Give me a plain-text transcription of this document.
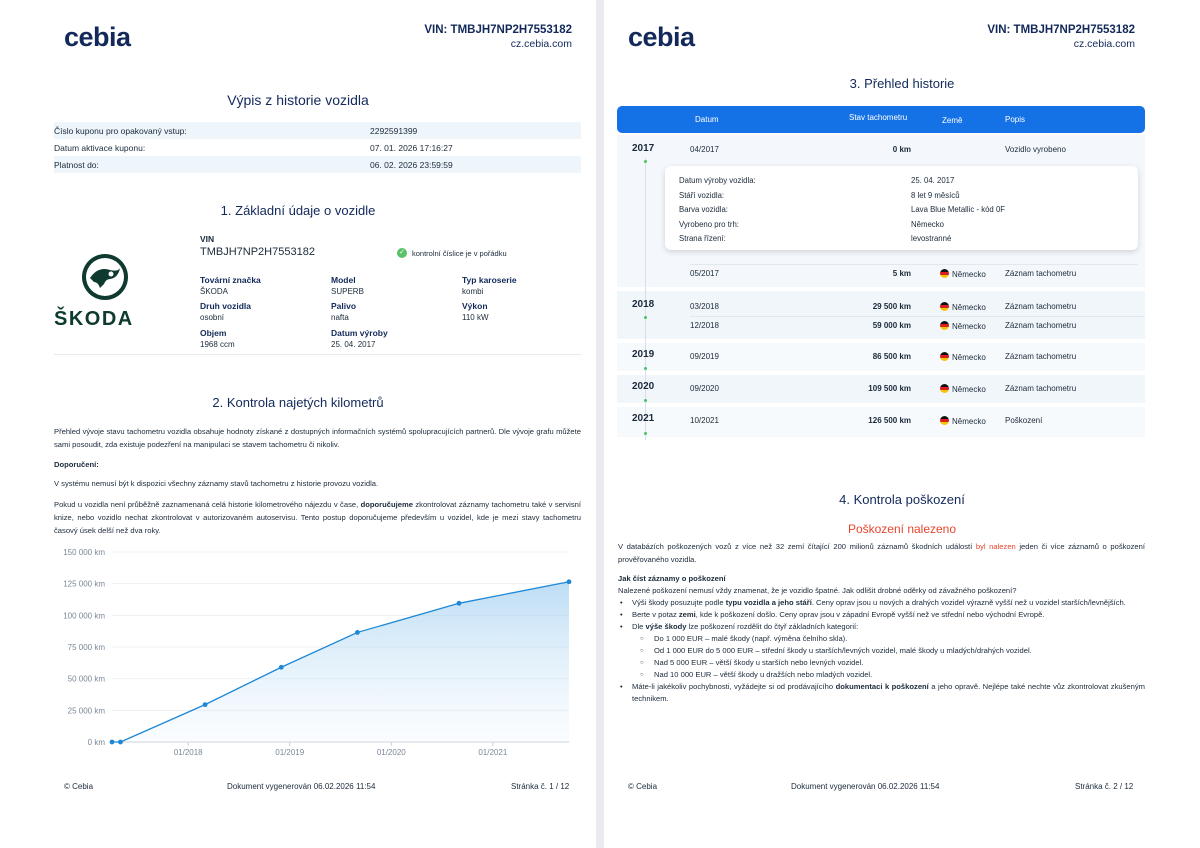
cebia	VIN: TMBJH7NP2H7553182
cz.cebia.com
Výpis z historie vozidla
Číslo kuponu pro opakovaný vstup:	2292591399
Datum aktivace kuponu:	07. 01. 2026 17:16:27
Platnost do:	06. 02. 2026 23:59:59
1. Základní údaje o vozidle
ŠKODA
VIN
TMBJH7NP2H7553182	✓ kontrolní číslice je v pořádku
Tovární značka
ŠKODA
Model
SUPERB
Typ karoserie
kombi
Druh vozidla
osobní
Palivo
nafta
Výkon
110 kW
Objem
1968 ccm
Datum výroby
25. 04. 2017
2. Kontrola najetých kilometrů
Přehled vývoje stavu tachometru vozidla obsahuje hodnoty získané z dostupných informačních systémů spolupracujících partnerů. Dle vývoje grafu můžete sami posoudit, zda existuje podezření na manipulaci se stavem tachometru či nikoliv.
Doporučení:
V systému nemusí být k dispozici všechny záznamy stavů tachometru z historie provozu vozidla.
Pokud u vozidla není průběžně zaznamenaná celá historie kilometrového nájezdu v čase, doporučujeme zkontrolovat záznamy tachometru také v servisní knize, nebo vozidlo nechat zkontrolovat v autorizovaném autoservisu. Tento postup doporučujeme především u vozidel, kde je mezi stavy tachometru časový úsek delší než dva roky.
0 km
25 000 km
50 000 km
75 000 km
100 000 km
125 000 km
150 000 km
01/2018	01/2019	01/2020	01/2021
© Cebia	Dokument vygenerován 06.02.2026 11:54	Stránka č. 1 / 12
cebia	VIN: TMBJH7NP2H7553182
cz.cebia.com
3. Přehled historie
Datum	Stav tachometru	Země	Popis
2017	04/2017	0 km	Vozidlo vyrobeno
Datum výroby vozidla:	25. 04. 2017
Stáří vozidla:	8 let 9 měsíců
Barva vozidla:	Lava Blue Metallic - kód 0F
Vyrobeno pro trh:	Německo
Strana řízení:	levostranné
05/2017	5 km	Německo Záznam tachometru
2018	03/2018	29 500 km	Německo Záznam tachometru
12/2018	59 000 km	Německo Záznam tachometru
2019	09/2019	86 500 km	Německo Záznam tachometru
2020	09/2020	109 500 km	Německo Záznam tachometru
2021	10/2021	126 500 km	Německo Poškození
4. Kontrola poškození
Poškození nalezeno
V databázích poškozených vozů z více než 32 zemí čítající 200 milionů záznamů škodních událostí byl nalezen jeden či více záznamů o poškození prověřovaného vozidla.
Jak číst záznamy o poškození
Nalezené poškození nemusí vždy znamenat, že je vozidlo špatné. Jak odlišit drobné oděrky od závažného poškození?
• Výši škody posuzujte podle typu vozidla a jeho stáří. Ceny oprav jsou u nových a drahých vozidel výrazně vyšší než u vozidel starších/levnějších.
• Berte v potaz zemi, kde k poškození došlo. Ceny oprav jsou v západní Evropě vyšší než ve střední nebo východní Evropě.
• Dle výše škody lze poškození rozdělit do čtyř základních kategorií:
○ Do 1 000 EUR – malé škody (např. výměna čelního skla).
○ Od 1 000 EUR do 5 000 EUR – střední škody u starších/levných vozidel, malé škody u mladých/drahých vozidel.
○ Nad 5 000 EUR – větší škody u starších nebo levných vozidel.
○ Nad 10 000 EUR – větší škody u dražších nebo mladých vozidel.
• Máte-li jakékoliv pochybnosti, vyžádejte si od prodávajícího dokumentaci k poškození a jeho opravě. Nejlépe také nechte vůz zkontrolovat zkušeným technikem.
© Cebia	Dokument vygenerován 06.02.2026 11:54	Stránka č. 2 / 12
